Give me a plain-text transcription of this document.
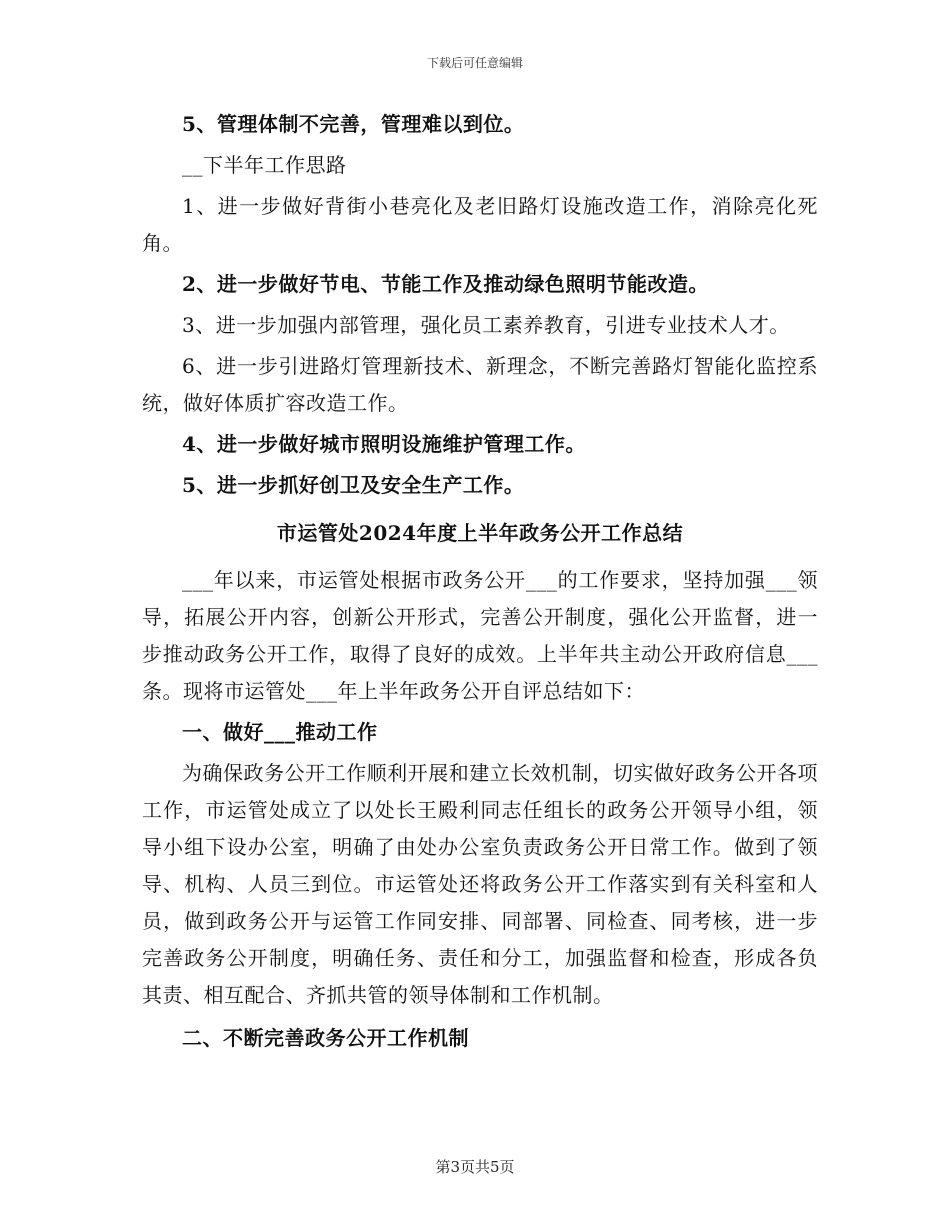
下载后可任意编辑

5、管理体制不完善，管理难以到位。

__下半年工作思路

1、进一步做好背街小巷亮化及老旧路灯设施改造工作，消除亮化死角。

2、进一步做好节电、节能工作及推动绿色照明节能改造。

3、进一步加强内部管理，强化员工素养教育，引进专业技术人才。

6、进一步引进路灯管理新技术、新理念，不断完善路灯智能化监控系统，做好体质扩容改造工作。

4、进一步做好城市照明设施维护管理工作。

5、进一步抓好创卫及安全生产工作。

市运管处2024年度上半年政务公开工作总结

___年以来，市运管处根据市政务公开___的工作要求，坚持加强___领导，拓展公开内容，创新公开形式，完善公开制度，强化公开监督，进一步推动政务公开工作，取得了良好的成效。上半年共主动公开政府信息___条。现将市运管处___年上半年政务公开自评总结如下：

一、做好___推动工作

为确保政务公开工作顺利开展和建立长效机制，切实做好政务公开各项工作，市运管处成立了以处长王殿利同志任组长的政务公开领导小组，领导小组下设办公室，明确了由处办公室负责政务公开日常工作。做到了领导、机构、人员三到位。市运管处还将政务公开工作落实到有关科室和人员，做到政务公开与运管工作同安排、同部署、同检查、同考核，进一步完善政务公开制度，明确任务、责任和分工，加强监督和检查，形成各负其责、相互配合、齐抓共管的领导体制和工作机制。

二、不断完善政务公开工作机制

第3页共5页
